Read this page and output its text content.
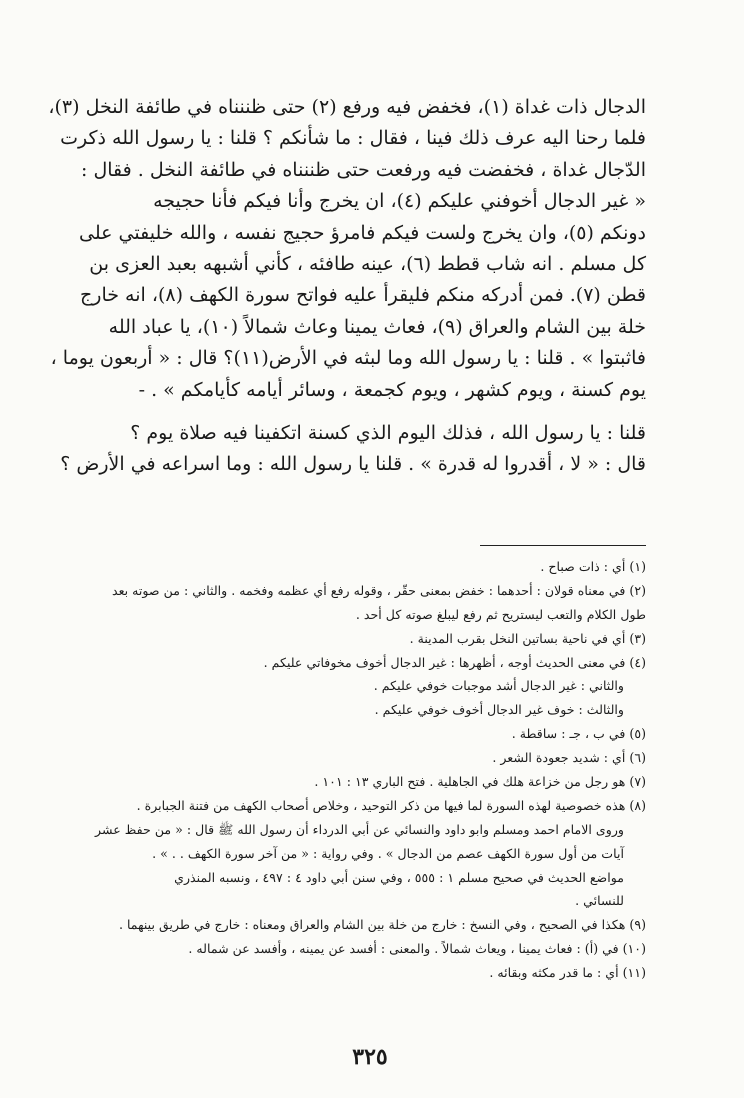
الدجال ذات غداة (١)، فخفض فيه ورفع (٢) حتى ظننناه في طائفة النخل (٣)،
فلما رحنا اليه عرف ذلك فينا ، فقال : ما شأنكم ؟ قلنا : يا رسول الله ذكرت
الدّجال غداة ، فخفضت فيه ورفعت حتى ظننناه في طائفة النخل . فقال :
« غير الدجال أخوفني عليكم (٤)، ان يخرج وأنا فيكم فأنا حجيجه
دونكم (٥)، وان يخرج ولست فيكم فامرؤ حجيج نفسه ، والله خليفتي على
كل مسلم . انه شاب قطط (٦)، عينه طافئه ، كأني أشبهه بعبد العزى بن
قطن (٧). فمن أدركه منكم فليقرأ عليه فواتح سورة الكهف (٨)، انه خارج
خلة بين الشام والعراق (٩)، فعاث يمينا وعاث شمالاً (١٠)، يا عباد الله
فاثبتوا » . قلنا : يا رسول الله وما لبثه في الأرض(١١)؟ قال : « أربعون يوما ،
يوم كسنة ، ويوم كشهر ، ويوم كجمعة ، وسائر أيامه كأيامكم » . -
قلنا : يا رسول الله ، فذلك اليوم الذي كسنة اتكفينا فيه صلاة يوم ؟
قال : « لا ، أقدروا له قدرة » . قلنا يا رسول الله : وما اسراعه في الأرض ؟
(١) أي : ذات صباح .
(٢) في معناه قولان : أحدهما : خفض بمعنى حقّر ، وقوله رفع أي عظمه وفخمه . والثاني : من صوته بعد
طول الكلام والتعب ليستريح ثم رفع ليبلغ صوته كل أحد .
(٣) أي في ناحية بساتين النخل بقرب المدينة .
(٤) في معنى الحديث أوجه ، أظهرها : غير الدجال أخوف مخوفاتي عليكم .
والثاني : غير الدجال أشد موجبات خوفي عليكم .
والثالث : خوف غير الدجال أخوف خوفي عليكم .
(٥) في ب ، جـ : ساقطة .
(٦) أي : شديد جعودة الشعر .
(٧) هو رجل من خزاعة هلك في الجاهلية . فتح الباري ١٣ : ١٠١ .
(٨) هذه خصوصية لهذه السورة لما فيها من ذكر التوحيد ، وخلاص أصحاب الكهف من فتنة الجبابرة .
وروى الامام احمد ومسلم وابو داود والنسائي عن أبي الدرداء أن رسول الله ﷺ قال : « من حفظ عشر
آيات من أول سورة الكهف عصم من الدجال » . وفي رواية : « من آخر سورة الكهف . . » .
مواضع الحديث في صحيح مسلم ١ : ٥٥٥ ، وفي سنن أبي داود ٤ : ٤٩٧ ، ونسبه المنذري
للنسائي .
(٩) هكذا في الصحيح ، وفي النسخ : خارج من خلة بين الشام والعراق ومعناه : خارج في طريق بينهما .
(١٠) في (أ) : فعاث يمينا ، ويعاث شمالاً . والمعنى : أفسد عن يمينه ، وأفسد عن شماله .
(١١) أي : ما قدر مكثه وبقائه .
٣٢٥
